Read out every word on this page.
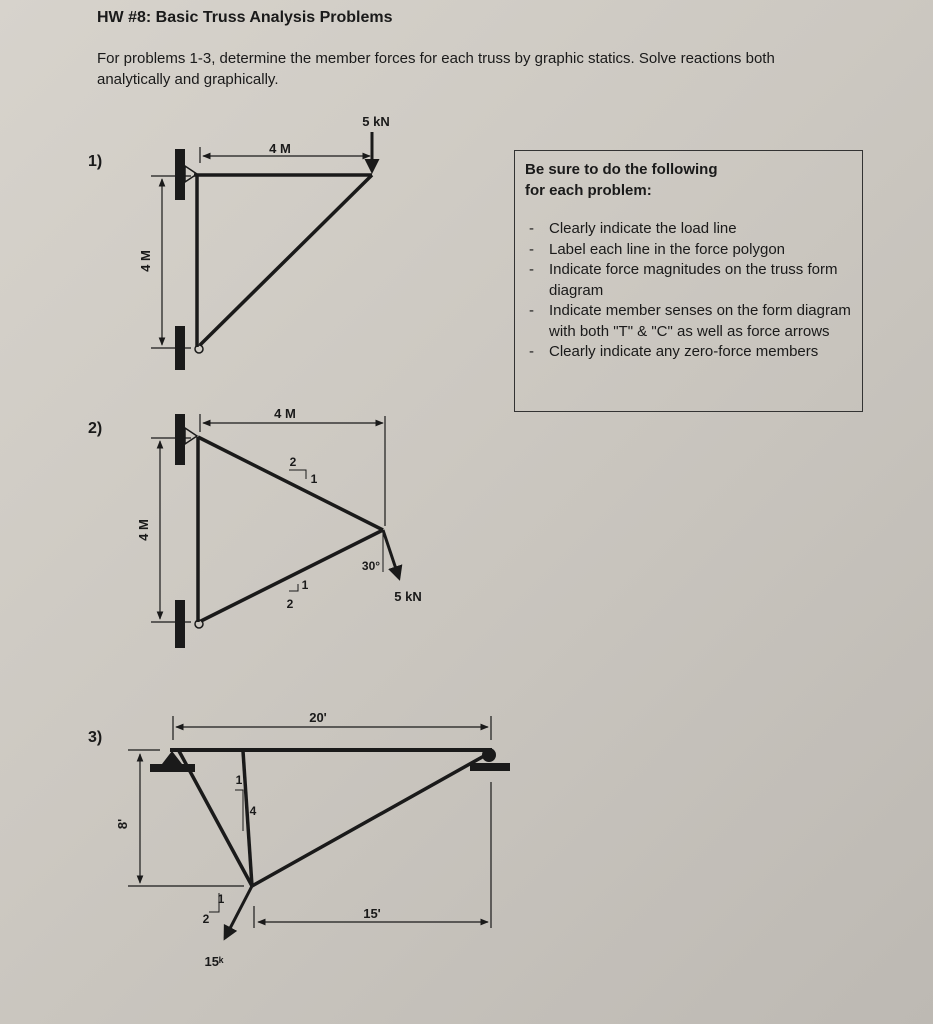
HW #8: Basic Truss Analysis Problems
For problems 1-3, determine the member forces for each truss by graphic statics. Solve reactions both analytically and graphically.
1)
2)
3)
Be sure to do the following
for each problem:
- Clearly indicate the load line
- Label each line in the force polygon
- Indicate force magnitudes on the truss form diagram
- Indicate member senses on the form diagram with both "T" & "C" as well as force arrows
- Clearly indicate any zero-force members
4 M
5 kN
4 M
4 M
4 M
2
1
1
2
30°
5 kN
20'
8'
15'
1
4
1
2
15ᵏ
